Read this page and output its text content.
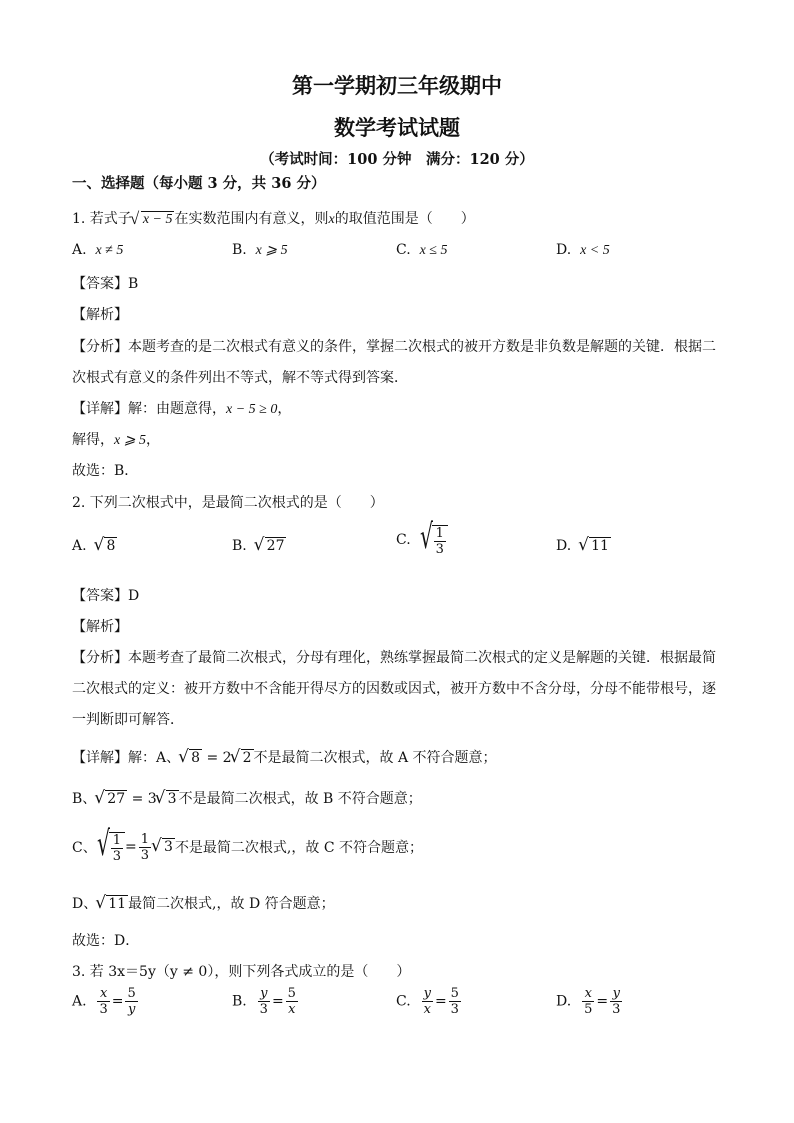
第一学期初三年级期中
数学考试试题
（考试时间：100 分钟　满分：120 分）
一、选择题（每小题 3 分，共 36 分）
1. 若式子 √ x − 5 在实数范围内有意义，则x的取值范围是（　　）
A. x ≠ 5	B. x ⩾ 5	C. x ≤ 5	D. x < 5
【答案】B
【解析】
【分析】本题考查的是二次根式有意义的条件，掌握二次根式的被开方数是非负数是解题的关键．根据二
次根式有意义的条件列出不等式，解不等式得到答案．
【详解】解：由题意得，x − 5 ≥ 0，
解得，x ⩾ 5，
故选：B．
2. 下列二次根式中，是最简二次根式的是（　　）
A. √ 8	B. √ 27	C. √ $\frac{1}{3}$	D. √ 11
【答案】D
【解析】
【分析】本题考查了最简二次根式，分母有理化，熟练掌握最简二次根式的定义是解题的关键．根据最简
二次根式的定义：被开方数中不含能开得尽方的因数或因式，被开方数中不含分母，分母不能带根号，逐
一判断即可解答．
【详解】解：A、 √ 8 = 2 √ 2 不是最简二次根式，故 A 不符合题意；
B、 √ 27 = 3 √ 3 不是最简二次根式，故 B 不符合题意；
C、 √ $\frac{1}{3} = \frac{1}{3}$ √ 3 不是最简二次根式,，故 C 不符合题意；
D、 √ 11 最简二次根式,，故 D 符合题意；
故选：D．
3. 若 3x＝5y（y ≠ 0），则下列各式成立的是（　　）
A. $\frac{x}{3} = \frac{5}{y}$	B. $\frac{y}{3} = \frac{5}{x}$	C. $\frac{y}{x} = \frac{5}{3}$	D. $\frac{x}{5} = \frac{y}{3}$
